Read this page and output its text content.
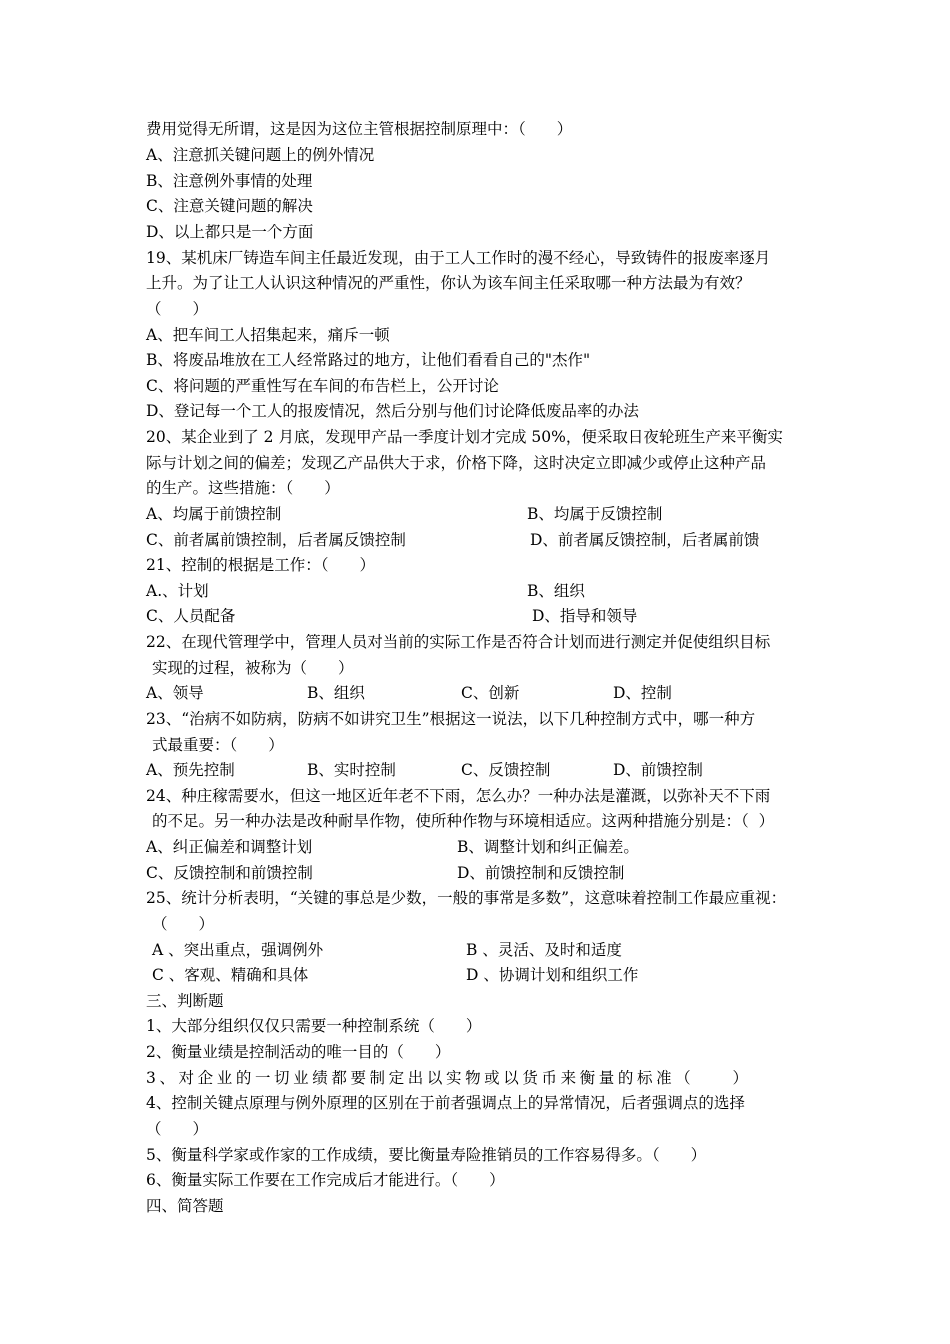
费用觉得无所谓，这是因为这位主管根据控制原理中：（　　）
A、注意抓关键问题上的例外情况
B、注意例外事情的处理
C、注意关键问题的解决
D、以上都只是一个方面
19、某机床厂铸造车间主任最近发现，由于工人工作时的漫不经心，导致铸件的报废率逐月
上升。为了让工人认识这种情况的严重性，你认为该车间主任采取哪一种方法最为有效？
（　　）
A、把车间工人招集起来，痛斥一顿
B、将废品堆放在工人经常路过的地方，让他们看看自己的"杰作"
C、将问题的严重性写在车间的布告栏上，公开讨论
D、登记每一个工人的报废情况，然后分别与他们讨论降低废品率的办法
20、某企业到了 2 月底，发现甲产品一季度计划才完成 50%，便采取日夜轮班生产来平衡实
际与计划之间的偏差；发现乙产品供大于求，价格下降，这时决定立即减少或停止这种产品
的生产。这些措施：（　　）
A、均属于前馈控制	B、均属于反馈控制
C、前者属前馈控制，后者属反馈控制	D、前者属反馈控制，后者属前馈
21、控制的根据是工作：（　　）
A.、计划	B、组织
C、人员配备	D、指导和领导
22、在现代管理学中，管理人员对当前的实际工作是否符合计划而进行测定并促使组织目标
实现的过程，被称为（　　）
A、领导	B、组织	C、创新	D、控制
23、“治病不如防病，防病不如讲究卫生”根据这一说法，以下几种控制方式中，哪一种方
式最重要：（　　）
A、预先控制	B、实时控制	C、反馈控制	D、前馈控制
24、种庄稼需要水，但这一地区近年老不下雨，怎么办？一种办法是灌溉，以弥补天不下雨
的不足。另一种办法是改种耐旱作物，使所种作物与环境相适应。这两种措施分别是：（  ）
A、纠正偏差和调整计划	B、调整计划和纠正偏差。
C、反馈控制和前馈控制	D、前馈控制和反馈控制
25、统计分析表明，“关键的事总是少数，一般的事常是多数”，这意味着控制工作最应重视：
（　　）
A 、突出重点，强调例外	B 、灵活、及时和适度
C 、客观、精确和具体	D 、协调计划和组织工作
三、判断题
1、大部分组织仅仅只需要一种控制系统（　　）
2、衡量业绩是控制活动的唯一目的（　　）
3、对企业的一切业绩都要制定出以实物或以货币来衡量的标准（　　）
4、控制关键点原理与例外原理的区别在于前者强调点上的异常情况，后者强调点的选择
（　　）
5、衡量科学家或作家的工作成绩，要比衡量寿险推销员的工作容易得多。（　　）
6、衡量实际工作要在工作完成后才能进行。（　　）
四、简答题
